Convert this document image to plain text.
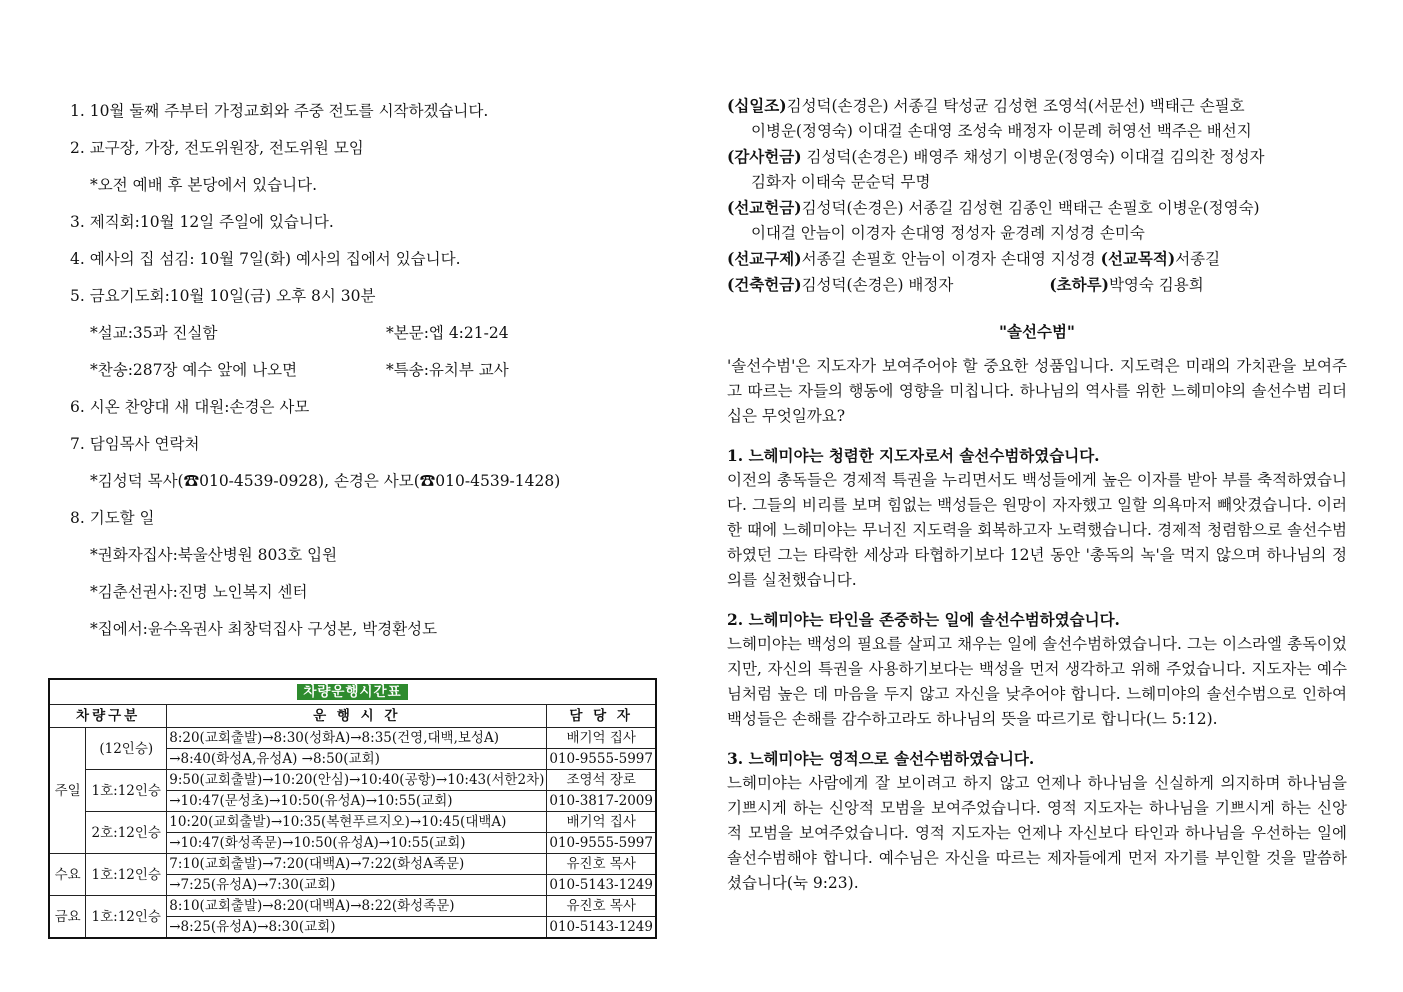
1. 10월 둘째 주부터 가정교회와 주중 전도를 시작하겠습니다.
2. 교구장, 가장, 전도위원장, 전도위원 모임
*오전 예배 후 본당에서 있습니다.
3. 제직회:10월 12일 주일에 있습니다.
4. 예사의 집 섬김: 10월 7일(화) 예사의 집에서 있습니다.
5. 금요기도회:10월 10일(금) 오후 8시 30분
*설교:35과 진실함	*본문:엡 4:21-24
*찬송:287장 예수 앞에 나오면	*특송:유치부 교사
6. 시온 찬양대 새 대원:손경은 사모
7. 담임목사 연락처
*김성덕 목사(☎010-4539-0928), 손경은 사모(☎010-4539-1428)
8. 기도할 일
*권화자집사:북울산병원 803호 입원
*김춘선권사:진명 노인복지 센터
*집에서:윤수옥권사 최창덕집사 구성본, 박경환성도
차량운행시간표			
차량구분		운 행 시 간	담 당 자
주일	(12인승)	8:20(교회출발)→8:30(성화A)→8:35(건영,대백,보성A)	배기억 집사
		→8:40(화성A,유성A) →8:50(교회)	010-9555-5997
	1호:12인승	9:50(교회출발)→10:20(안심)→10:40(공항)→10:43(서한2차)	조영석 장로
		→10:47(문성초)→10:50(유성A)→10:55(교회)	010-3817-2009
	2호:12인승	10:20(교회출발)→10:35(복현푸르지오)→10:45(대백A)	배기억 집사
		→10:47(화성족문)→10:50(유성A)→10:55(교회)	010-9555-5997
수요	1호:12인승	7:10(교회출발)→7:20(대백A)→7:22(화성A족문)	유진호 목사
		→7:25(유성A)→7:30(교회)	010-5143-1249
금요	1호:12인승	8:10(교회출발)→8:20(대백A)→8:22(화성족문)	유진호 목사
		→8:25(유성A)→8:30(교회)	010-5143-1249
(십일조)김성덕(손경은) 서종길 탁성균 김성현 조영석(서문선) 백태근 손필호
이병운(정영숙) 이대걸 손대영 조성숙 배정자 이문례 허영선 백주은 배선지
(감사헌금) 김성덕(손경은) 배영주 채성기 이병운(정영숙) 이대걸 김의찬 정성자
김화자 이태숙 문순덕 무명
(선교헌금)김성덕(손경은) 서종길 김성현 김종인 백태근 손필호 이병운(정영숙)
이대걸 안늠이 이경자 손대영 정성자 윤경례 지성경 손미숙
(선교구제)서종길 손필호 안늠이 이경자 손대영 지성경 (선교목적)서종길
(건축헌금)김성덕(손경은) 배정자	(초하루)박영숙 김용희
"솔선수범"
'솔선수범'은 지도자가 보여주어야 할 중요한 성품입니다. 지도력은 미래의 가치관을 보여주고 따르는 자들의 행동에 영향을 미칩니다. 하나님의 역사를 위한 느헤미야의 솔선수범 리더십은 무엇일까요?
1. 느헤미야는 청렴한 지도자로서 솔선수범하였습니다.
이전의 총독들은 경제적 특권을 누리면서도 백성들에게 높은 이자를 받아 부를 축적하였습니다. 그들의 비리를 보며 힘없는 백성들은 원망이 자자했고 일할 의욕마저 빼앗겼습니다. 이러한 때에 느헤미야는 무너진 지도력을 회복하고자 노력했습니다. 경제적 청렴함으로 솔선수범하였던 그는 타락한 세상과 타협하기보다 12년 동안 '총독의 녹'을 먹지 않으며 하나님의 정의를 실천했습니다.
2. 느헤미야는 타인을 존중하는 일에 솔선수범하였습니다.
느헤미야는 백성의 필요를 살피고 채우는 일에 솔선수범하였습니다. 그는 이스라엘 총독이었지만, 자신의 특권을 사용하기보다는 백성을 먼저 생각하고 위해 주었습니다. 지도자는 예수님처럼 높은 데 마음을 두지 않고 자신을 낮추어야 합니다. 느헤미야의 솔선수범으로 인하여 백성들은 손해를 감수하고라도 하나님의 뜻을 따르기로 합니다(느 5:12).
3. 느헤미야는 영적으로 솔선수범하였습니다.
느헤미야는 사람에게 잘 보이려고 하지 않고 언제나 하나님을 신실하게 의지하며 하나님을 기쁘시게 하는 신앙적 모범을 보여주었습니다. 영적 지도자는 하나님을 기쁘시게 하는 신앙적 모범을 보여주었습니다. 영적 지도자는 언제나 자신보다 타인과 하나님을 우선하는 일에 솔선수범해야 합니다. 예수님은 자신을 따르는 제자들에게 먼저 자기를 부인할 것을 말씀하셨습니다(눅 9:23).
